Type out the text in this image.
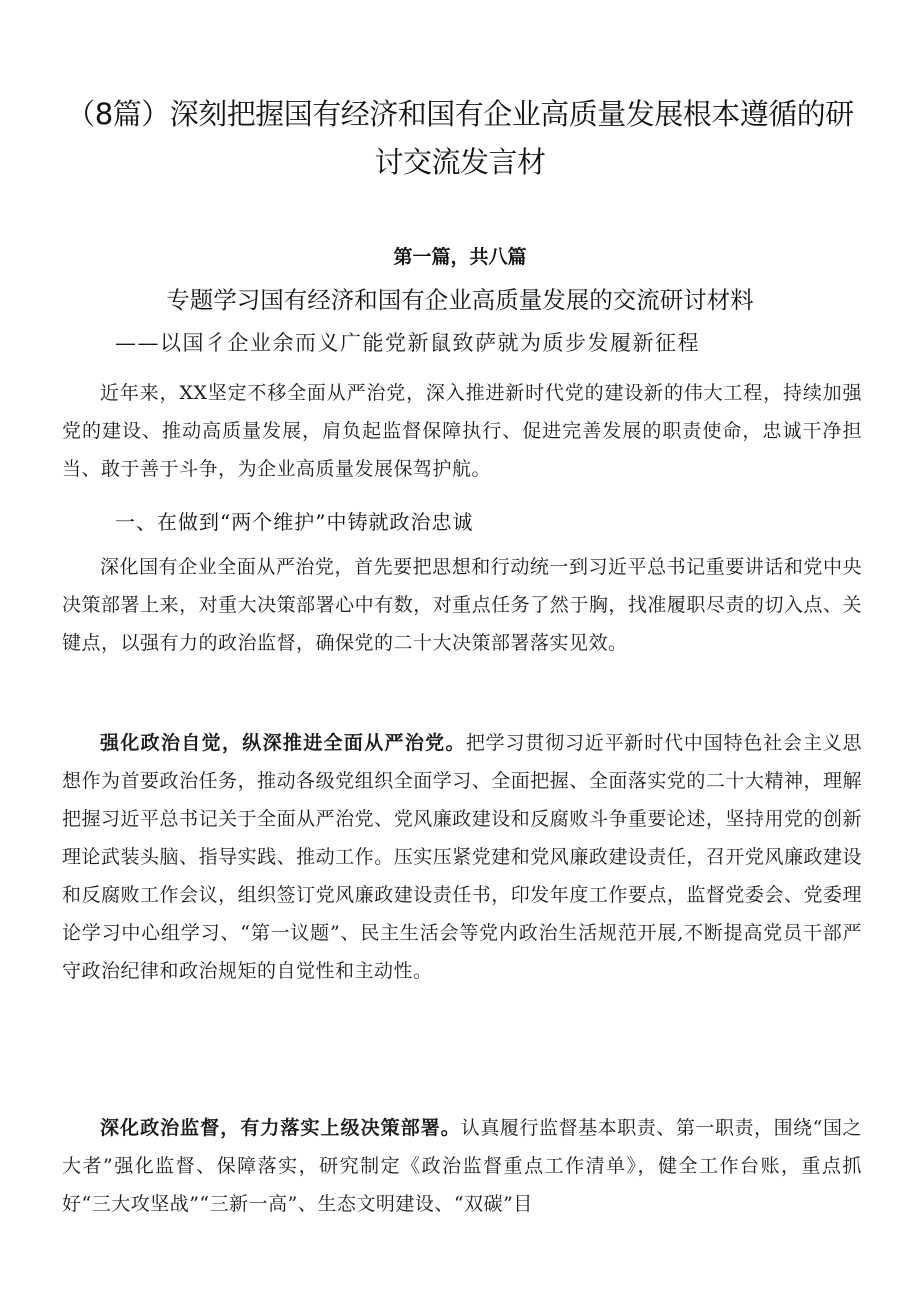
（8篇）深刻把握国有经济和国有企业高质量发展根本遵循的研讨交流发言材
第一篇，共八篇
专题学习国有经济和国有企业高质量发展的交流研讨材料
——以国彳企业余而义广能党新鼠致萨就为质步发履新征程
近年来，XX坚定不移全面从严治党，深入推进新时代党的建设新的伟大工程，持续加强党的建设、推动高质量发展，肩负起监督保障执行、促进完善发展的职责使命，忠诚干净担当、敢于善于斗争，为企业高质量发展保驾护航。
一、在做到“两个维护”中铸就政治忠诚
深化国有企业全面从严治党，首先要把思想和行动统一到习近平总书记重要讲话和党中央决策部署上来，对重大决策部署心中有数，对重点任务了然于胸，找准履职尽责的切入点、关键点，以强有力的政治监督，确保党的二十大决策部署落实见效。
强化政治自觉，纵深推进全面从严治党。把学习贯彻习近平新时代中国特色社会主义思想作为首要政治任务，推动各级党组织全面学习、全面把握、全面落实党的二十大精神，理解把握习近平总书记关于全面从严治党、党风廉政建设和反腐败斗争重要论述，坚持用党的创新理论武装头脑、指导实践、推动工作。压实压紧党建和党风廉政建设责任，召开党风廉政建设和反腐败工作会议，组织签订党风廉政建设责任书，印发年度工作要点，监督党委会、党委理论学习中心组学习、“第一议题”、民主生活会等党内政治生活规范开展,不断提高党员干部严守政治纪律和政治规矩的自觉性和主动性。
深化政治监督，有力落实上级决策部署。认真履行监督基本职责、第一职责，围绕“国之大者”强化监督、保障落实，研究制定《政治监督重点工作清单》，健全工作台账，重点抓好“三大攻坚战”“三新一高”、生态文明建设、“双碳”目
